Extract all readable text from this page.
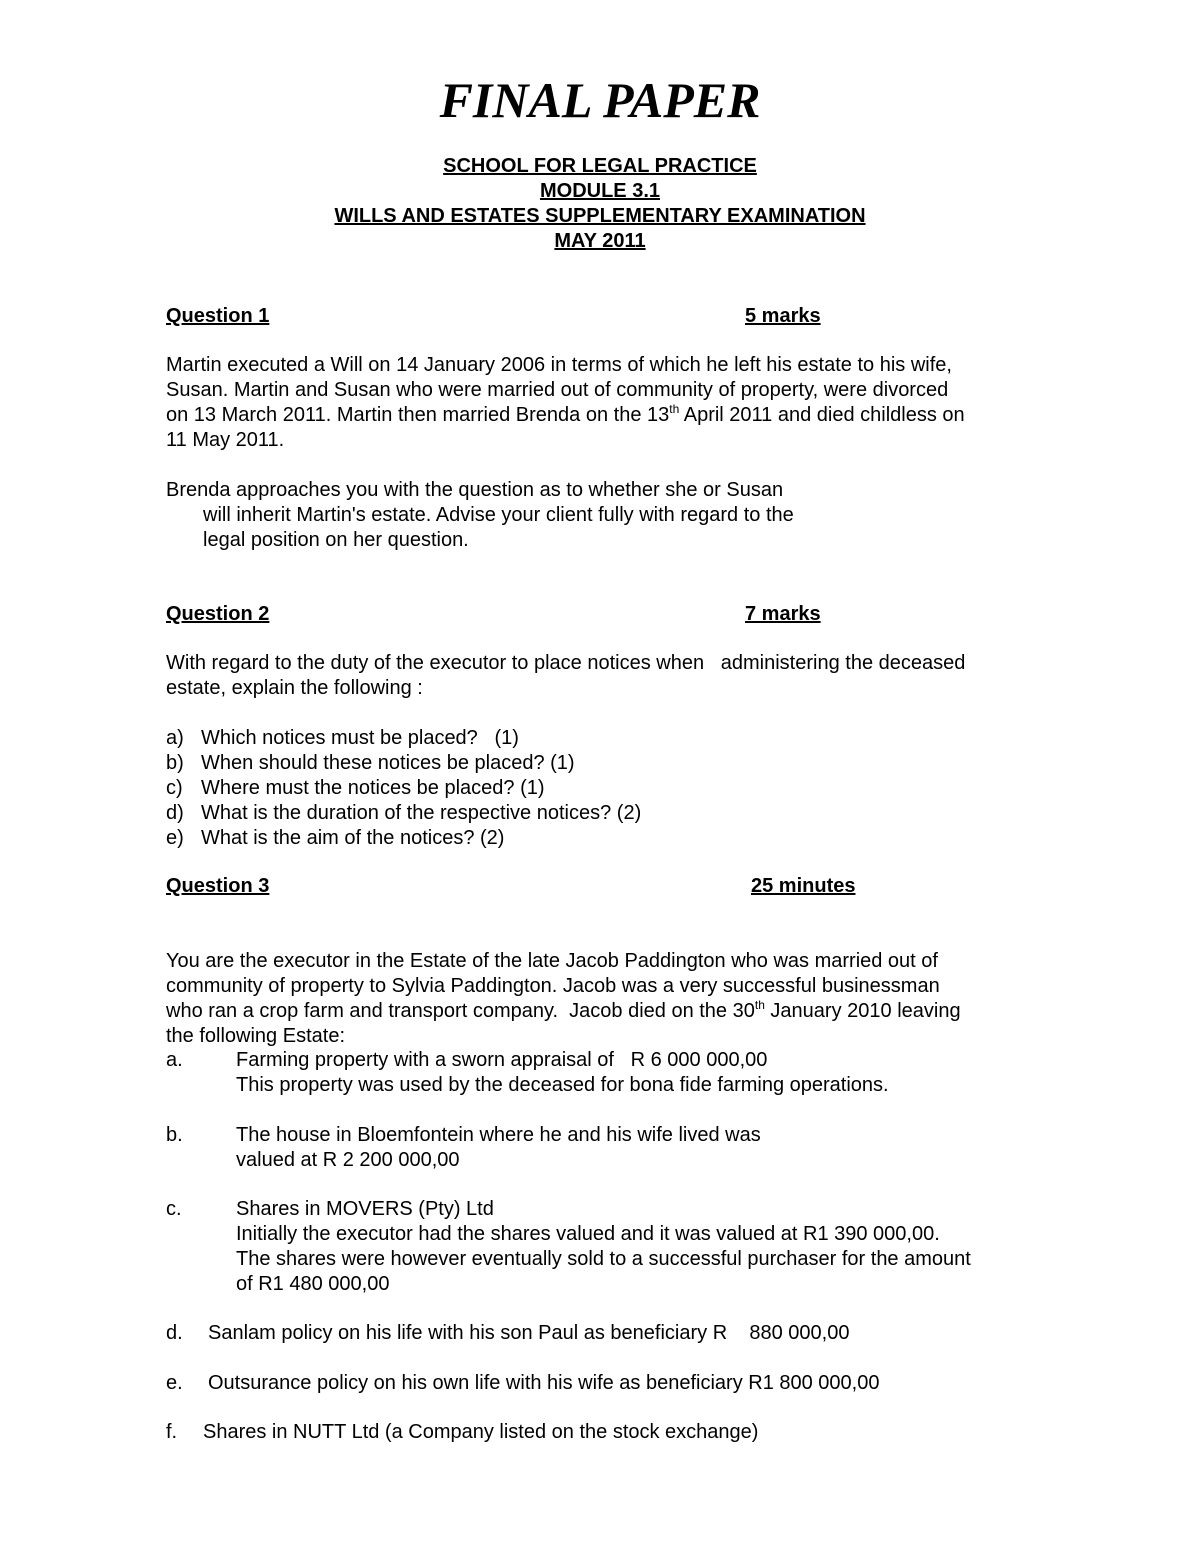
FINAL PAPER
SCHOOL FOR LEGAL PRACTICE
MODULE 3.1
WILLS AND ESTATES SUPPLEMENTARY EXAMINATION
MAY 2011
Question 1	5 marks
Martin executed a Will on 14 January 2006 in terms of which he left his estate to his wife,
Susan. Martin and Susan who were married out of community of property, were divorced
on 13 March 2011. Martin then married Brenda on the 13th April 2011 and died childless on
11 May 2011.
Brenda approaches you with the question as to whether she or Susan
will inherit Martin's estate. Advise your client fully with regard to the
legal position on her question.
Question 2	7 marks
With regard to the duty of the executor to place notices when   administering the deceased
estate, explain the following :
a) Which notices must be placed?   (1)
b) When should these notices be placed? (1)
c) Where must the notices be placed? (1)
d) What is the duration of the respective notices? (2)
e) What is the aim of the notices? (2)
Question 3	25 minutes
You are the executor in the Estate of the late Jacob Paddington who was married out of
community of property to Sylvia Paddington. Jacob was a very successful businessman
who ran a crop farm and transport company.  Jacob died on the 30th January 2010 leaving
the following Estate:
a.	Farming property with a sworn appraisal of   R 6 000 000,00
This property was used by the deceased for bona fide farming operations.
b.	The house in Bloemfontein where he and his wife lived was
valued at R 2 200 000,00
c.	Shares in MOVERS (Pty) Ltd
Initially the executor had the shares valued and it was valued at R1 390 000,00.
The shares were however eventually sold to a successful purchaser for the amount
of R1 480 000,00
d. Sanlam policy on his life with his son Paul as beneficiary R    880 000,00
e. Outsurance policy on his own life with his wife as beneficiary R1 800 000,00
f. Shares in NUTT Ltd (a Company listed on the stock exchange)
